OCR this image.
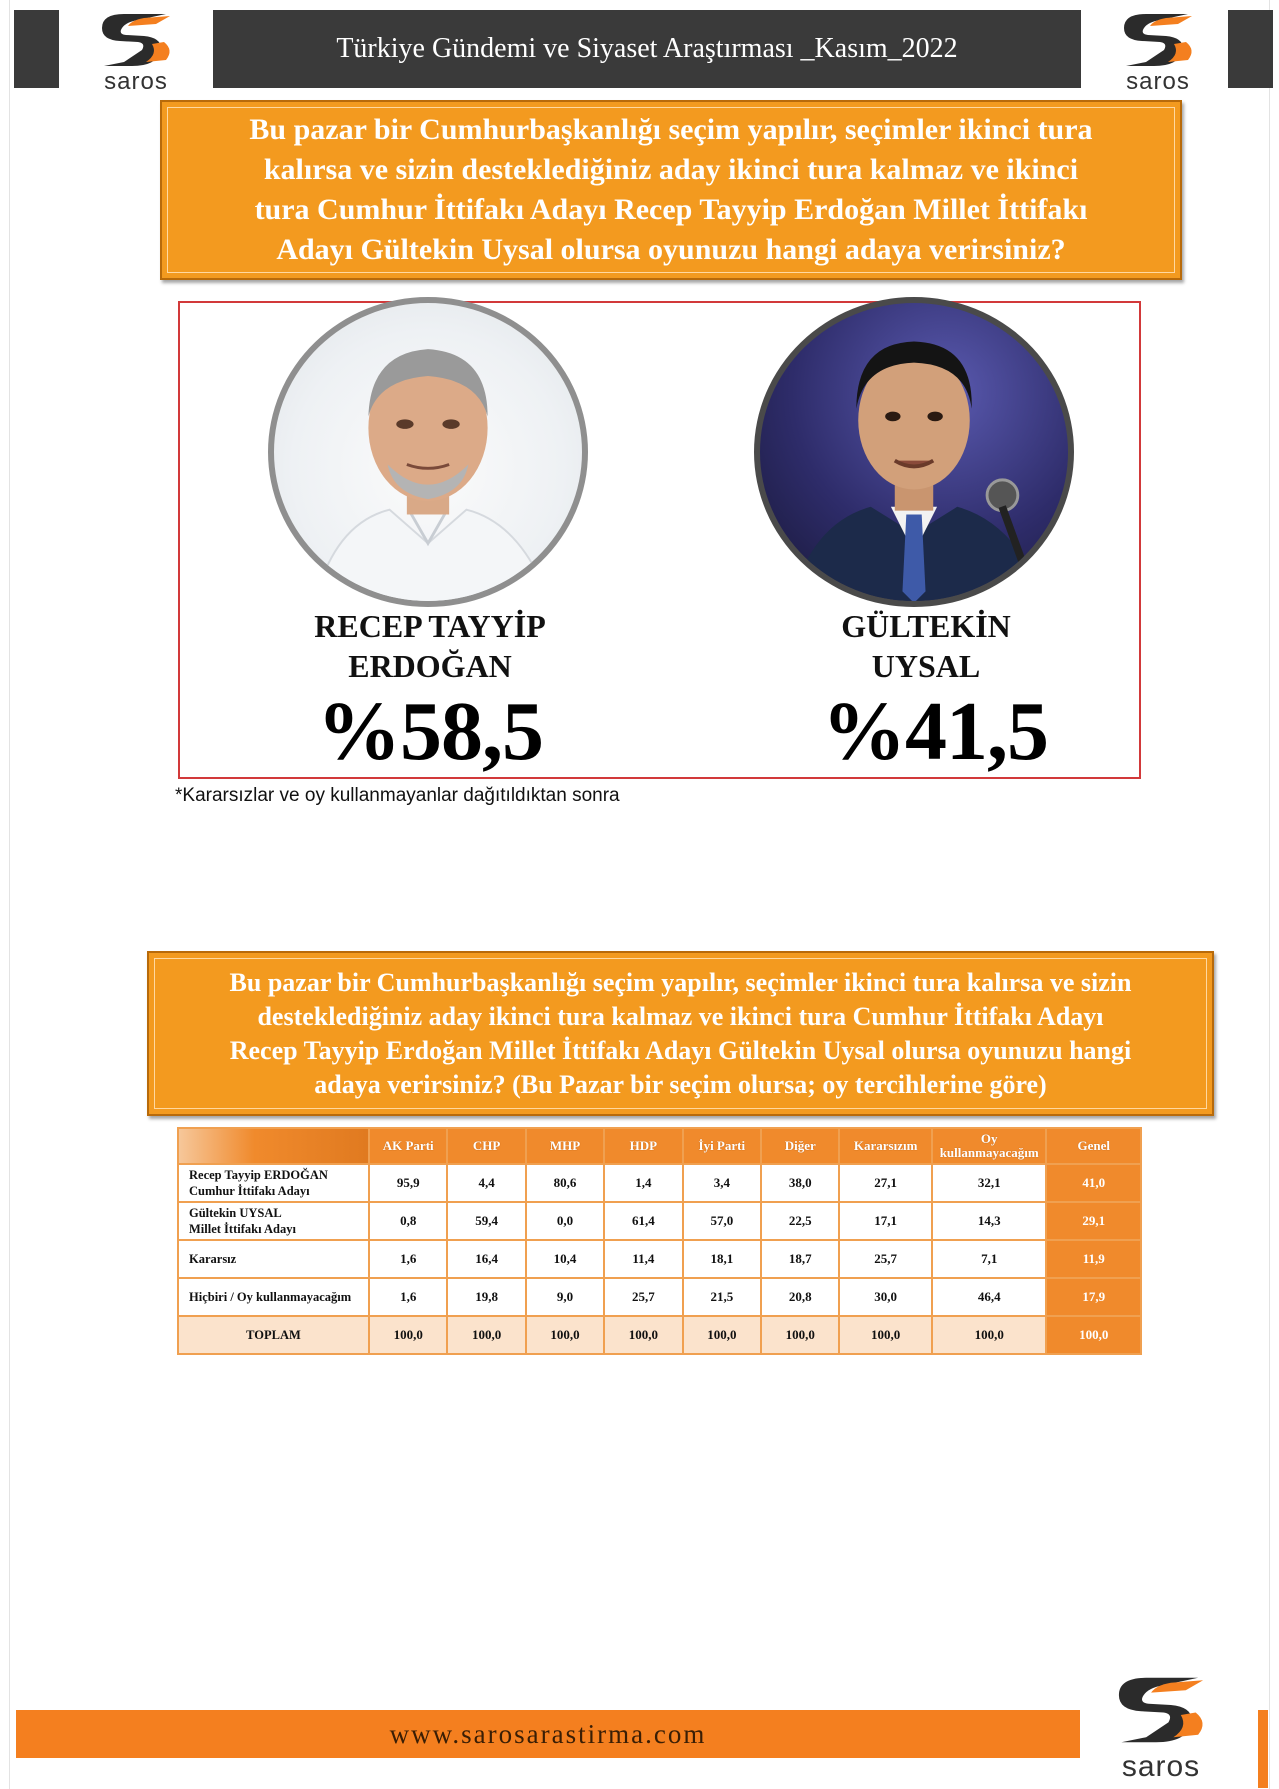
saros
Türkiye Gündemi ve Siyaset Araştırması _Kasım_2022
saros
Bu pazar bir Cumhurbaşkanlığı seçim yapılır, seçimler ikinci tura
kalırsa ve sizin desteklediğiniz aday ikinci tura kalmaz ve ikinci
tura Cumhur İttifakı Adayı Recep Tayyip Erdoğan Millet İttifakı
Adayı Gültekin Uysal olursa oyunuzu hangi adaya verirsiniz?
RECEP TAYYİP
ERDOĞAN
GÜLTEKİN
UYSAL
%58,5	%41,5
*Kararsızlar ve oy kullanmayanlar dağıtıldıktan sonra
Bu pazar bir Cumhurbaşkanlığı seçim yapılır, seçimler ikinci tura kalırsa ve sizin
desteklediğiniz aday ikinci tura kalmaz ve ikinci tura Cumhur İttifakı Adayı
Recep Tayyip Erdoğan Millet İttifakı Adayı Gültekin Uysal olursa oyunuzu hangi
adaya verirsiniz? (Bu Pazar bir seçim olursa; oy tercihlerine göre)
	AK Parti	CHP	MHP	HDP	İyi Parti	Diğer	Kararsızım	Oy
kullanmayacağım	Genel

Recep Tayyip ERDOĞAN
Cumhur İttifakı Adayı	95,9	4,4	80,6	1,4	3,4	38,0	27,1	32,1	41,0

Gültekin UYSAL
Millet İttifakı Adayı	0,8	59,4	0,0	61,4	57,0	22,5	17,1	14,3	29,1
Kararsız	1,6	16,4	10,4	11,4	18,1	18,7	25,7	7,1	11,9
Hiçbiri / Oy kullanmayacağım	1,6	19,8	9,0	25,7	21,5	20,8	30,0	46,4	17,9
TOPLAM	100,0	100,0	100,0	100,0	100,0	100,0	100,0	100,0	100,0
www.sarosarastirma.com
saros
